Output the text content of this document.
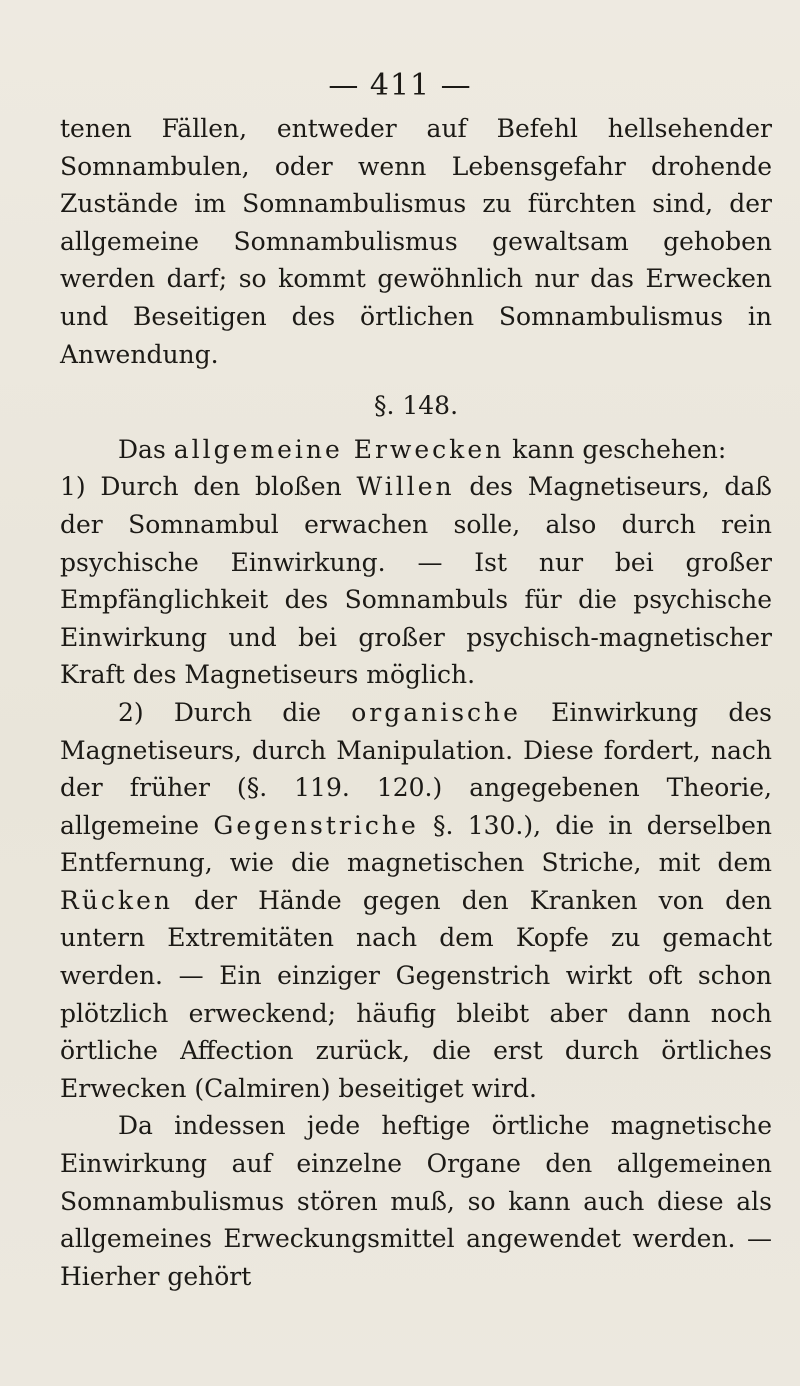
— 411 —

tenen Fällen, entweder auf Befehl hellsehender Somnambulen, oder wenn Lebensgefahr drohende Zustände im Somnambulismus zu fürchten sind, der allgemeine Somnambulismus gewaltsam gehoben werden darf; so kommt gewöhnlich nur das Erwecken und Beseitigen des örtlichen Somnambulismus in Anwendung.

§. 148.

Das allgemeine Erwecken kann geschehen:

1) Durch den bloßen Willen des Magnetiseurs, daß der Somnambul erwachen solle, also durch rein psychische Einwirkung. — Ist nur bei großer Empfänglichkeit des Somnambuls für die psychische Einwirkung und bei großer psychisch-magnetischer Kraft des Magnetiseurs möglich.

2) Durch die organische Einwirkung des Magnetiseurs, durch Manipulation. Diese fordert, nach der früher (§. 119. 120.) angegebenen Theorie, allgemeine Gegenstriche §. 130.), die in derselben Entfernung, wie die magnetischen Striche, mit dem Rücken der Hände gegen den Kranken von den untern Extremitäten nach dem Kopfe zu gemacht werden. — Ein einziger Gegenstrich wirkt oft schon plötzlich erweckend; häufig bleibt aber dann noch örtliche Affection zurück, die erst durch örtliches Erwecken (Calmiren) beseitiget wird.

Da indessen jede heftige örtliche magnetische Einwirkung auf einzelne Organe den allgemeinen Somnambulismus stören muß, so kann auch diese als allgemeines Erweckungsmittel angewendet werden. — Hierher gehört
